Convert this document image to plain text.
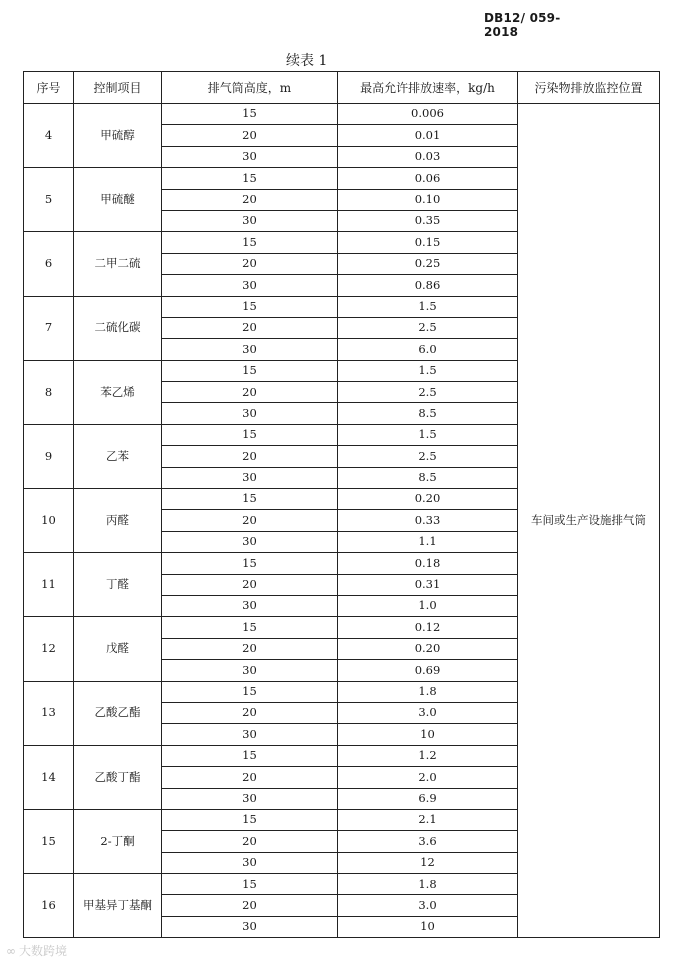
DB12/ 059-2018
续表 1
序号	控制项目	排气筒高度，m	最高允许排放速率，kg/h	污染物排放监控位置
4	甲硫醇	15	0.006	车间或生产设施排气筒
		20	0.01	
		30	0.03	
5	甲硫醚	15	0.06	
		20	0.10	
		30	0.35	
6	二甲二硫	15	0.15	
		20	0.25	
		30	0.86	
7	二硫化碳	15	1.5	
		20	2.5	
		30	6.0	
8	苯乙烯	15	1.5	
		20	2.5	
		30	8.5	
9	乙苯	15	1.5	
		20	2.5	
		30	8.5	
10	丙醛	15	0.20	
		20	0.33	
		30	1.1	
11	丁醛	15	0.18	
		20	0.31	
		30	1.0	
12	戊醛	15	0.12	
		20	0.20	
		30	0.69	
13	乙酸乙酯	15	1.8	
		20	3.0	
		30	10	
14	乙酸丁酯	15	1.2	
		20	2.0	
		30	6.9	
15	2-丁酮	15	2.1	
		20	3.6	
		30	12	
16	甲基异丁基酮	15	1.8	
		20	3.0	
		30	10	
∞ 大数跨境
